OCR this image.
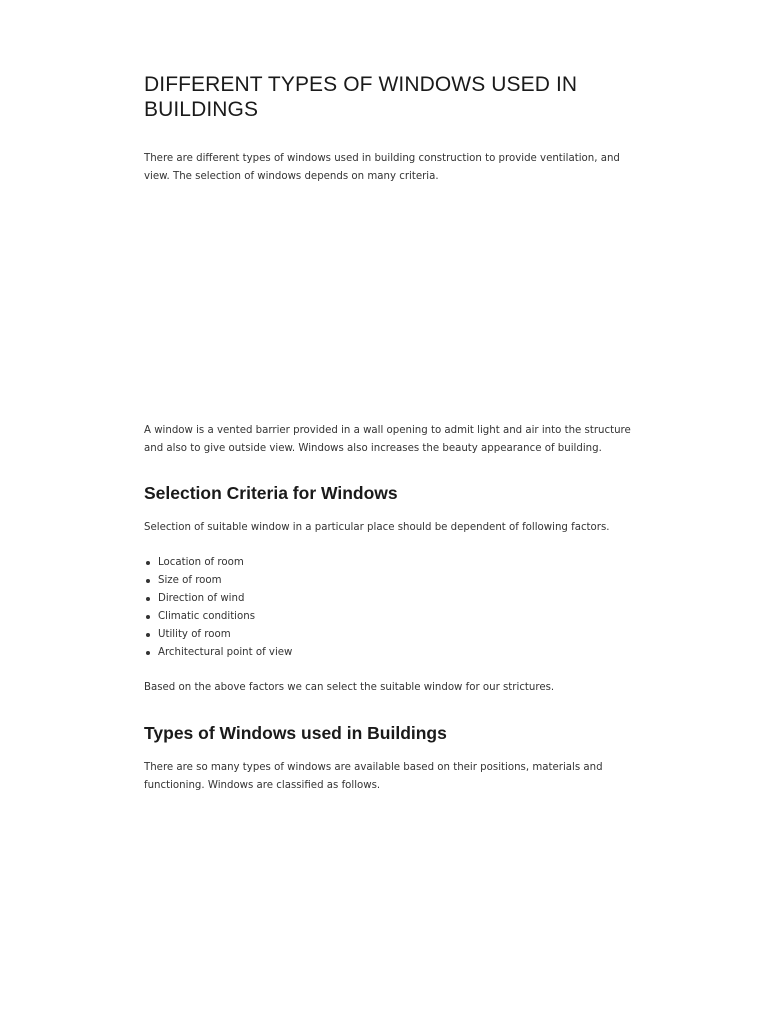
DIFFERENT TYPES OF WINDOWS USED IN BUILDINGS

There are different types of windows used in building construction to provide ventilation, and view. The selection of windows depends on many criteria.

A window is a vented barrier provided in a wall opening to admit light and air into the structure and also to give outside view. Windows also increases the beauty appearance of building.

Selection Criteria for Windows

Selection of suitable window in a particular place should be dependent of following factors.

Location of room
Size of room
Direction of wind
Climatic conditions
Utility of room
Architectural point of view

Based on the above factors we can select the suitable window for our strictures.

Types of Windows used in Buildings

There are so many types of windows are available based on their positions, materials and functioning. Windows are classified as follows.
